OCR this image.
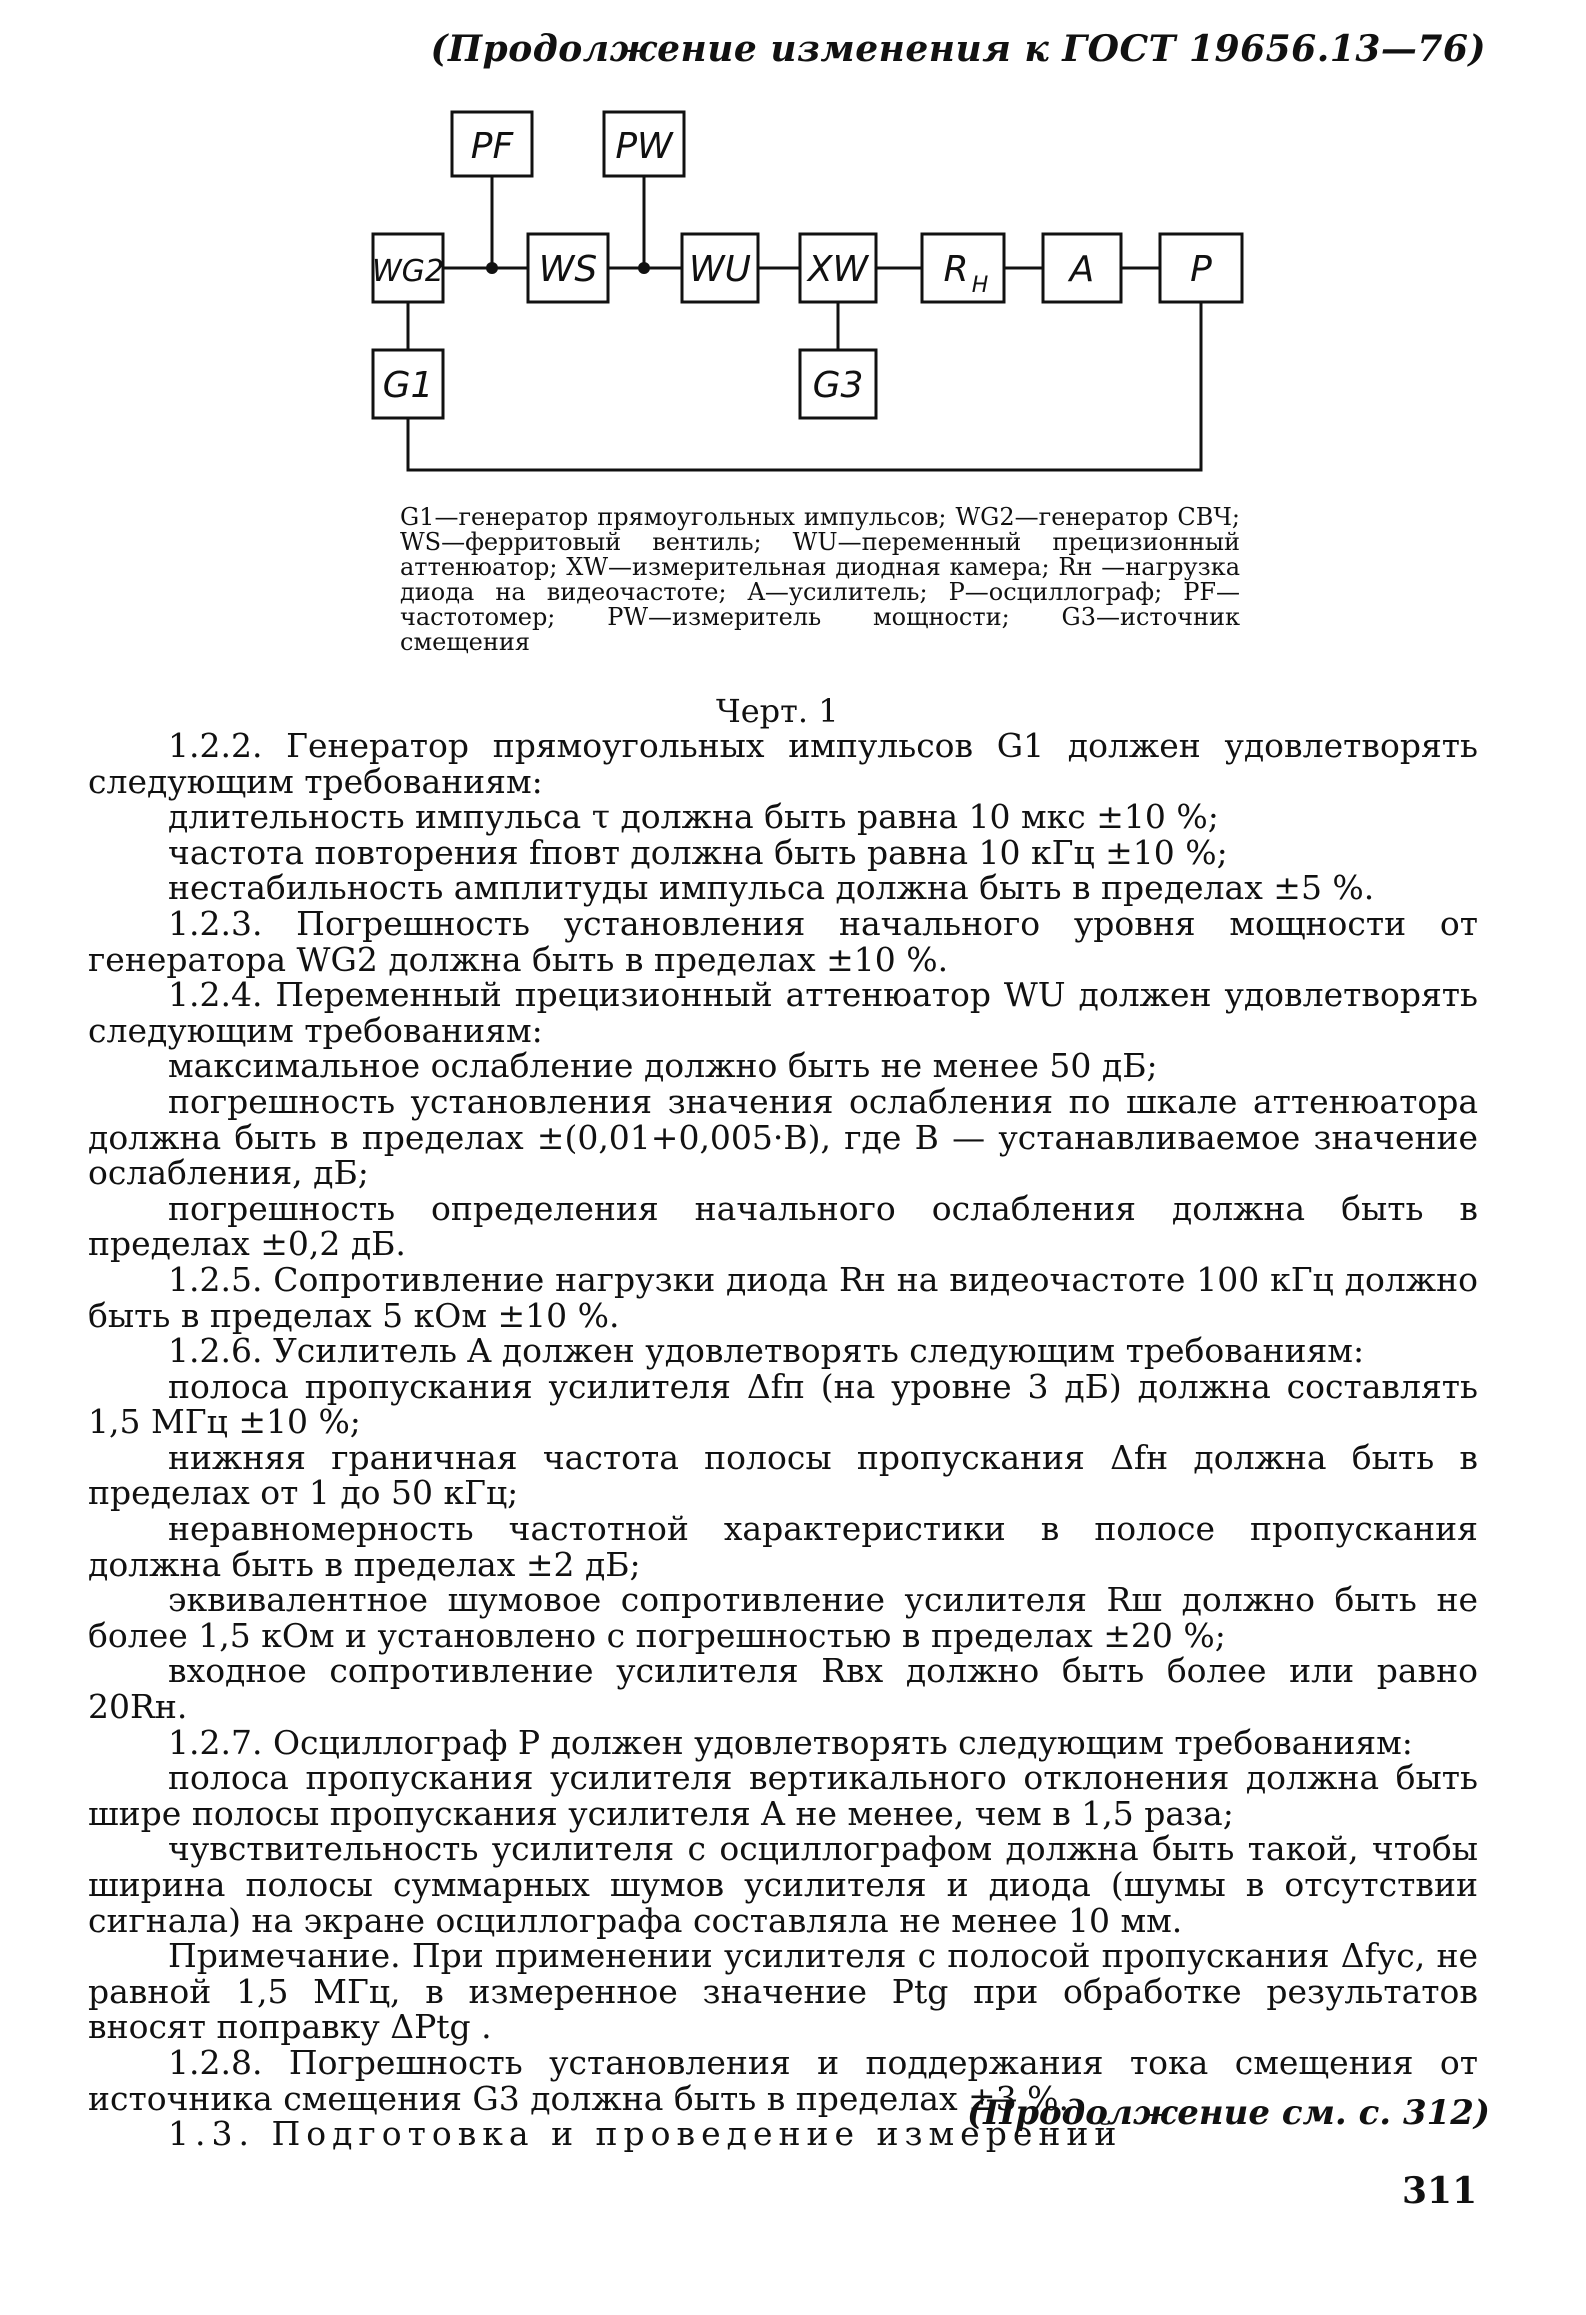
(Продолжение изменения к ГОСТ 19656.13—76)
PF	PW
WG2	WS	WU XW R H A	P
G1	G3

G1—генератор прямоугольных импульсов; WG2—генератор СВЧ; WS—ферритовый вентиль; WU—переменный прецизионный аттенюатор; XW—измерительная диодная камера; Rн —нагрузка диода на видеочастоте; A—усилитель; P—осциллограф; PF—частотомер; PW—измеритель мощности; G3—источник смещения

Черт. 1

1.2.2. Генератор прямоугольных импульсов G1 должен удовлетворять следующим требованиям:

длительность импульса τ должна быть равна 10 мкс ±10 %;

частота повторения fповт должна быть равна 10 кГц ±10 %;

нестабильность амплитуды импульса должна быть в пределах ±5 %.

1.2.3. Погрешность установления начального уровня мощности от генератора WG2 должна быть в пределах ±10 %.

1.2.4. Переменный прецизионный аттенюатор WU должен удовлетворять следующим требованиям:

максимальное ослабление должно быть не менее 50 дБ;

погрешность установления значения ослабления по шкале аттенюатора должна быть в пределах ±(0,01+0,005·B), где B — устанавливаемое значение ослабления, дБ;

погрешность определения начального ослабления должна быть в пределах ±0,2 дБ.

1.2.5. Сопротивление нагрузки диода Rн на видеочастоте 100 кГц должно быть в пределах 5 кОм ±10 %.

1.2.6. Усилитель A должен удовлетворять следующим требованиям:

полоса пропускания усилителя Δfп (на уровне 3 дБ) должна составлять 1,5 МГц ±10 %;

нижняя граничная частота полосы пропускания Δfн должна быть в пределах от 1 до 50 кГц;

неравномерность частотной характеристики в полосе пропускания должна быть в пределах ±2 дБ;

эквивалентное шумовое сопротивление усилителя Rш должно быть не более 1,5 кОм и установлено с погрешностью в пределах ±20 %;

входное сопротивление усилителя Rвх должно быть более или равно 20Rн.

1.2.7. Осциллограф P должен удовлетворять следующим требованиям:

полоса пропускания усилителя вертикального отклонения должна быть шире полосы пропускания усилителя A не менее, чем в 1,5 раза;

чувствительность усилителя с осциллографом должна быть такой, чтобы ширина полосы суммарных шумов усилителя и диода (шумы в отсутствии сигнала) на экране осциллографа составляла не менее 10 мм.

Примечание. При применении усилителя с полосой пропускания Δfус, не равной 1,5 МГц, в измеренное значение Ptg при обработке результатов вносят поправку ΔPtg .

1.2.8. Погрешность установления и поддержания тока смещения от источника смещения G3 должна быть в пределах ±3 %.

1.3. Подготовка и проведение измерений

(Продолжение см. с. 312)
311
